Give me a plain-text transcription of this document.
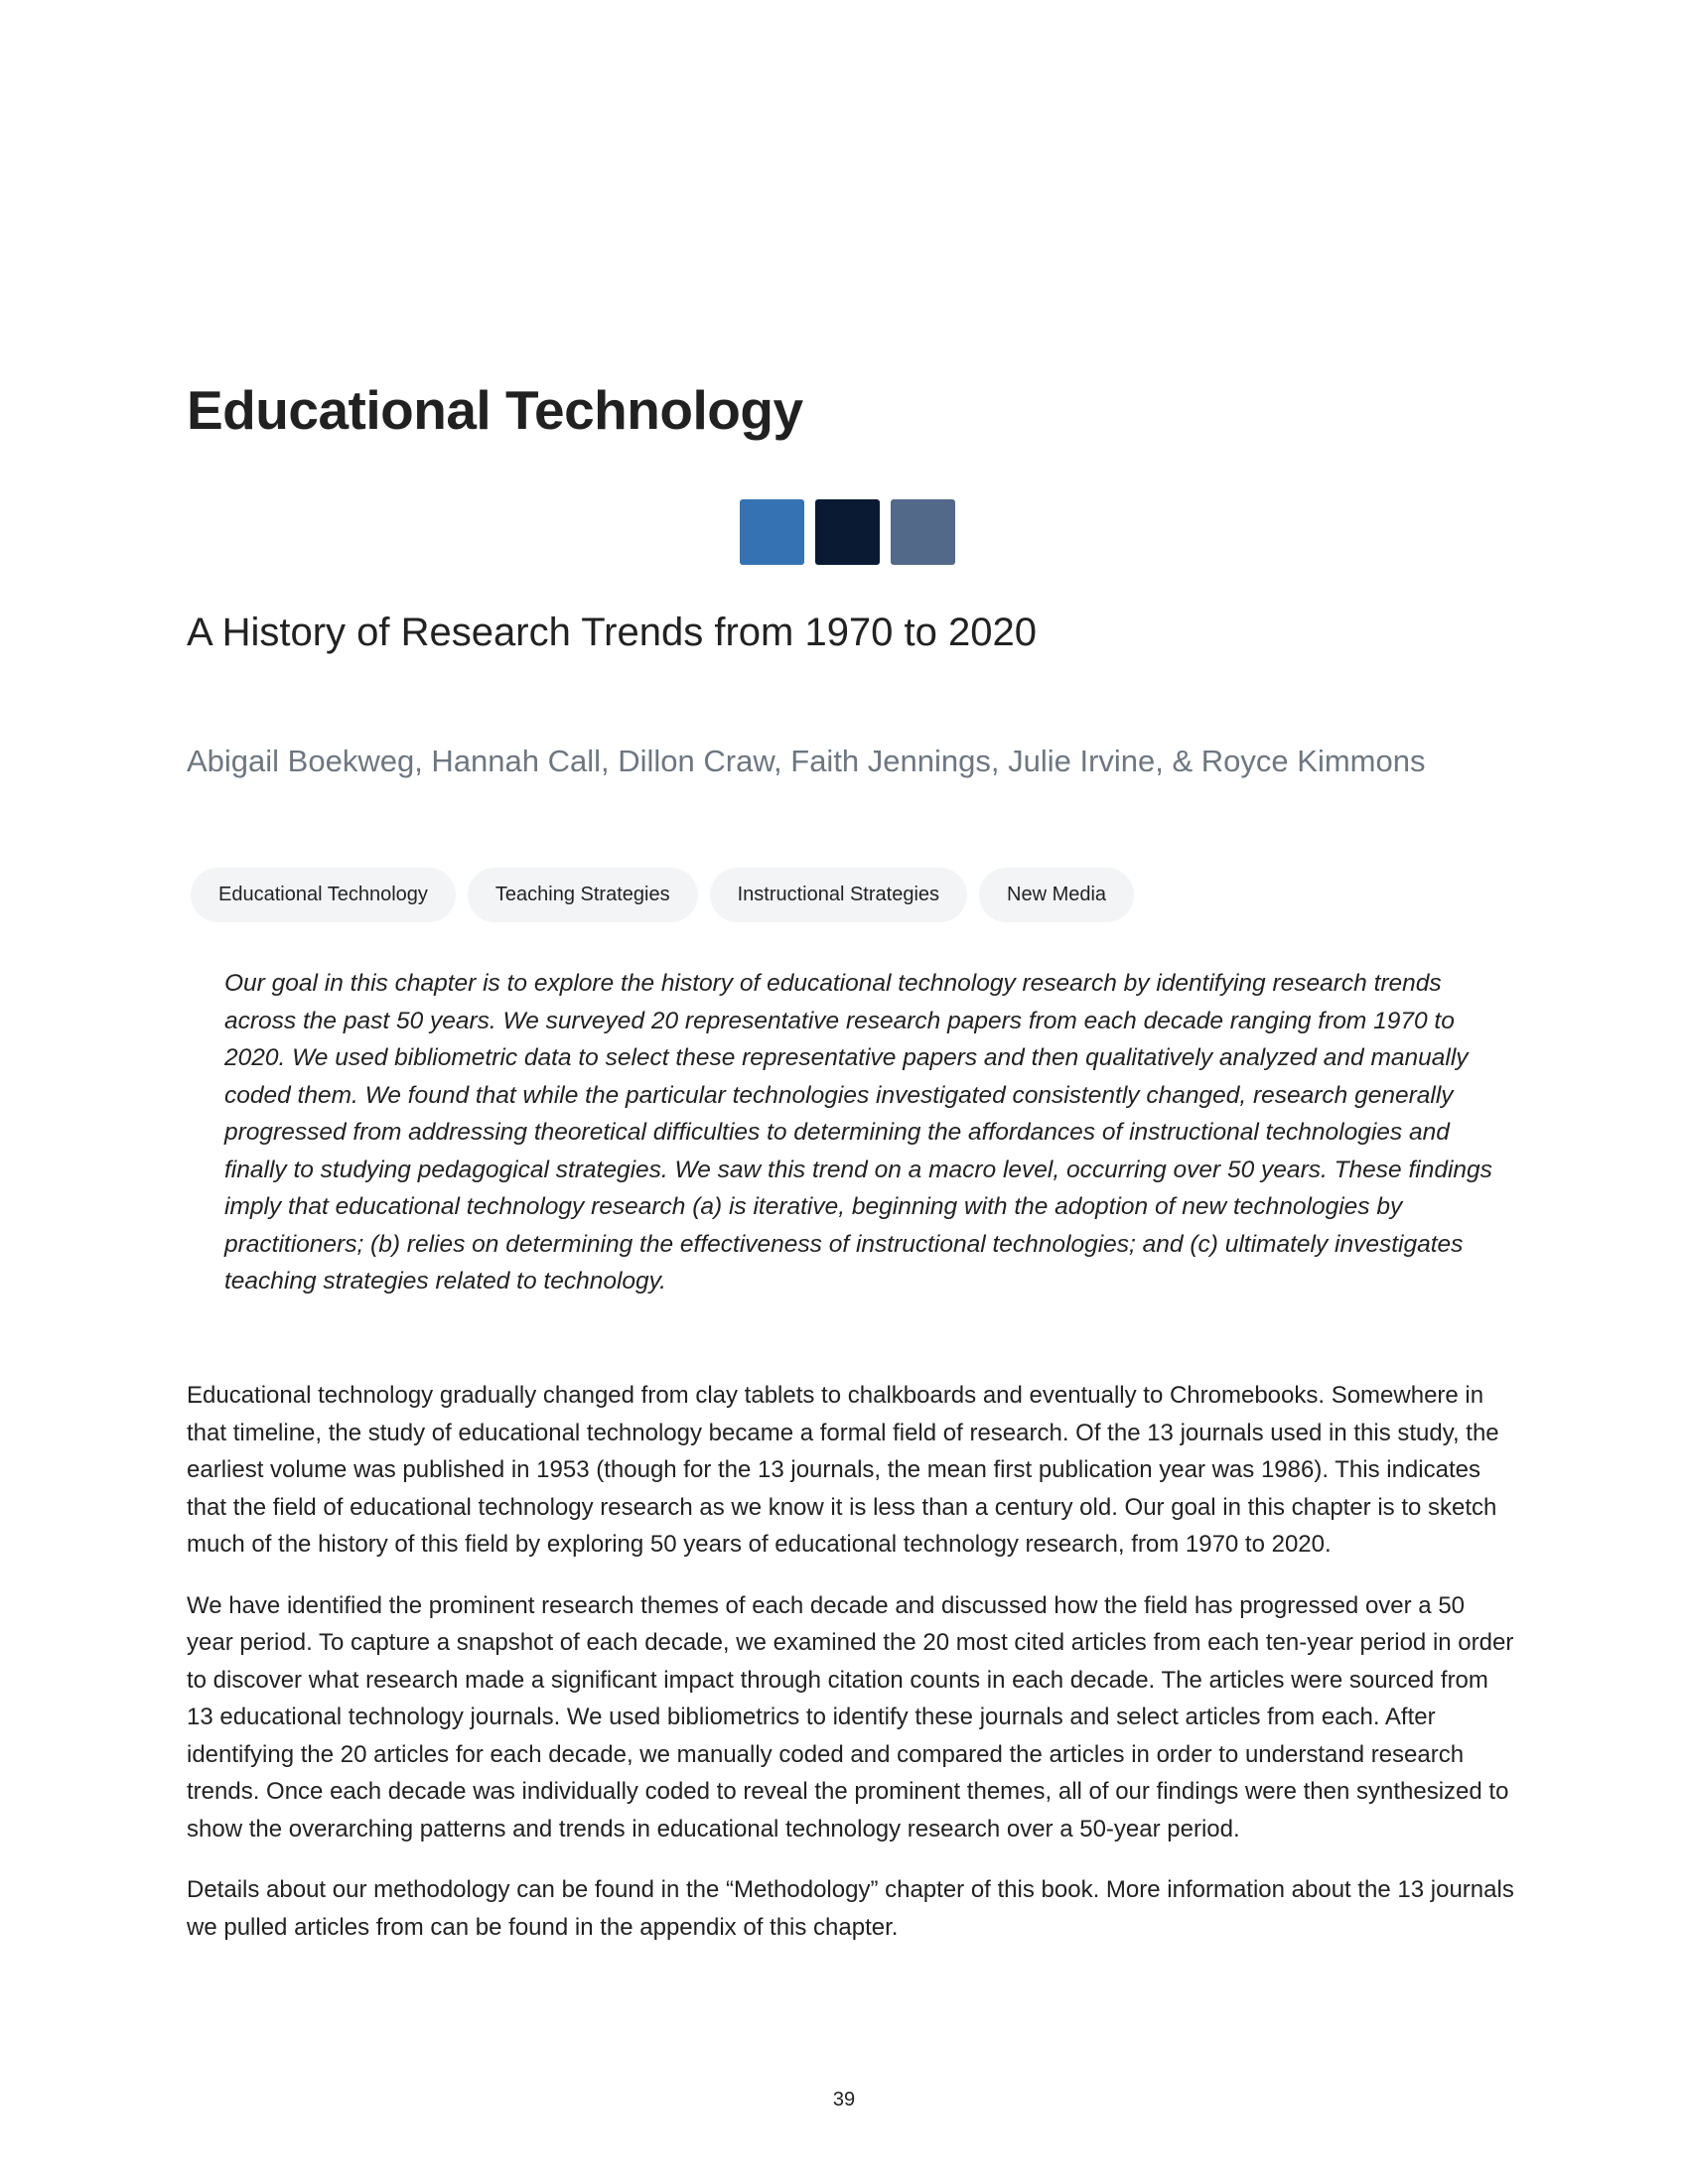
Educational Technology
A History of Research Trends from 1970 to 2020

Abigail Boekweg, Hannah Call, Dillon Craw, Faith Jennings, Julie Irvine, & Royce Kimmons

Educational Technology	Teaching Strategies	Instructional Strategies	New Media

Our goal in this chapter is to explore the history of educational technology research by identifying research trends across the past 50 years. We surveyed 20 representative research papers from each decade ranging from 1970 to 2020. We used bibliometric data to select these representative papers and then qualitatively analyzed and manually coded them. We found that while the particular technologies investigated consistently changed, research generally progressed from addressing theoretical difficulties to determining the affordances of instructional technologies and finally to studying pedagogical strategies. We saw this trend on a macro level, occurring over 50 years. These findings imply that educational technology research (a) is iterative, beginning with the adoption of new technologies by practitioners; (b) relies on determining the effectiveness of instructional technologies; and (c) ultimately investigates teaching strategies related to technology.

Educational technology gradually changed from clay tablets to chalkboards and eventually to Chromebooks. Somewhere in that timeline, the study of educational technology became a formal field of research. Of the 13 journals used in this study, the earliest volume was published in 1953 (though for the 13 journals, the mean first publication year was 1986). This indicates that the field of educational technology research as we know it is less than a century old. Our goal in this chapter is to sketch much of the history of this field by exploring 50 years of educational technology research, from 1970 to 2020.

We have identified the prominent research themes of each decade and discussed how the field has progressed over a 50 year period. To capture a snapshot of each decade, we examined the 20 most cited articles from each ten-year period in order to discover what research made a significant impact through citation counts in each decade. The articles were sourced from 13 educational technology journals. We used bibliometrics to identify these journals and select articles from each. After identifying the 20 articles for each decade, we manually coded and compared the articles in order to understand research trends. Once each decade was individually coded to reveal the prominent themes, all of our findings were then synthesized to show the overarching patterns and trends in educational technology research over a 50-year period.

Details about our methodology can be found in the “Methodology” chapter of this book. More information about the 13 journals we pulled articles from can be found in the appendix of this chapter.

39
